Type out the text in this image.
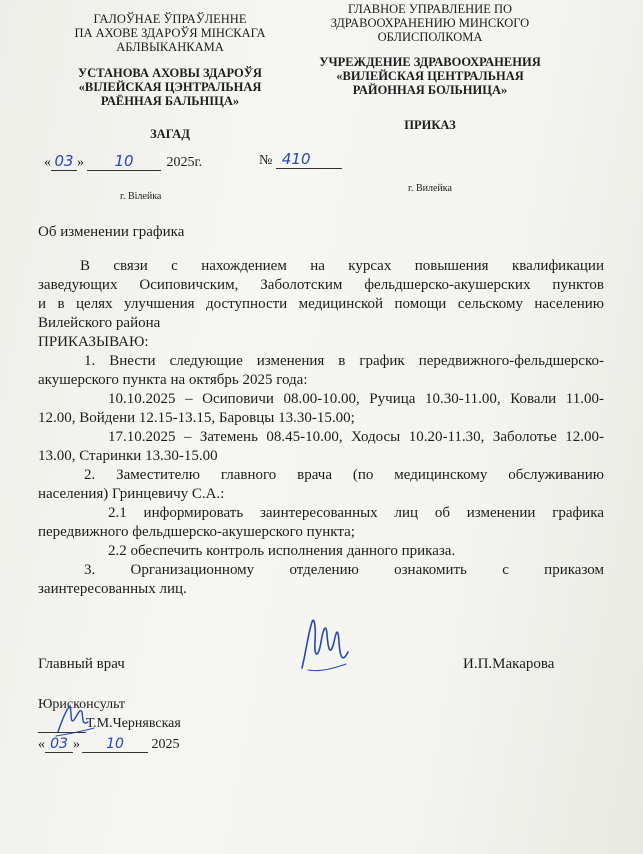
ГАЛОЎНАЕ ЎПРАЎЛЕННЕ
ПА АХОВЕ ЗДАРОЎЯ МІНСКАГА
АБЛВЫКАНКАМА
УСТАНОВА АХОВЫ ЗДАРОЎЯ
«ВІЛЕЙСКАЯ ЦЭНТРАЛЬНАЯ
РАЁННАЯ БАЛЬНІЦА»
ЗАГАД
ГЛАВНОЕ УПРАВЛЕНИЕ ПО
ЗДРАВООХРАНЕНИЮ МИНСКОГО
ОБЛИСПОЛКОМА
УЧРЕЖДЕНИЕ ЗДРАВООХРАНЕНИЯ
«ВИЛЕЙСКАЯ ЦЕНТРАЛЬНАЯ
РАЙОННАЯ БОЛЬНИЦА»
ПРИКАЗ
« 03 » 10 2025г.	№ 410
г. Вілейка
г. Вилейка
Об изменении графика
В связи с нахождением на курсах повышения квалификации
заведующих Осиповичским, Заболотским фельдшерско-акушерских пунктов
и в целях улучшения доступности медицинской помощи сельскому населению
Вилейского района
ПРИКАЗЫВАЮ:
1. Внести следующие изменения в график передвижного-фельдшерско-
акушерского пункта на октябрь 2025 года:
10.10.2025 – Осиповичи 08.00-10.00, Ручица 10.30-11.00, Ковали 11.00-
12.00, Войдени 12.15-13.15, Баровцы 13.30-15.00;
17.10.2025 – Затемень 08.45-10.00, Ходосы 10.20-11.30, Заболотье 12.00-
13.00, Старинки 13.30-15.00
2. Заместителю главного врача (по медицинскому обслуживанию
населения) Гринцевичу С.А.:
2.1 информировать заинтересованных лиц об изменении графика
передвижного фельдшерско-акушерского пункта;
2.2 обеспечить контроль исполнения данного приказа.
3. Организационному отделению ознакомить с приказом
заинтересованных лиц.
Главный врач	И.П.Макарова
Юрисконсульт
Т.М.Чернявская
« 03 » 10 2025
